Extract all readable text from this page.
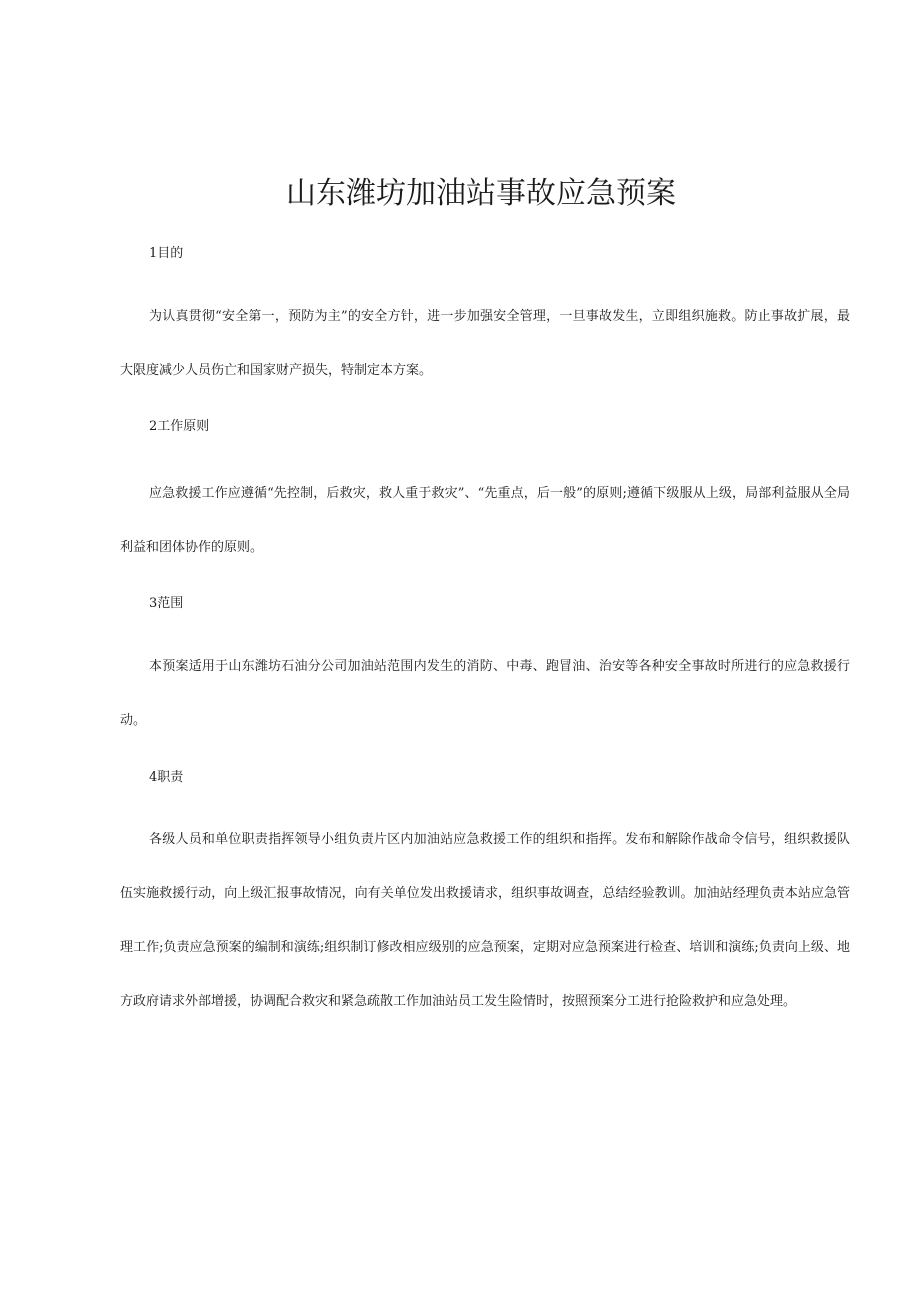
山东潍坊加油站事故应急预案

1目的

为认真贯彻“安全第一，预防为主”的安全方针，进一步加强安全管理，一旦事故发生，立即组织施救。防止事故扩展，最大限度减少人员伤亡和国家财产损失，特制定本方案。

2工作原则

应急救援工作应遵循“先控制，后救灾，救人重于救灾”、“先重点，后一般”的原则;遵循下级服从上级，局部利益服从全局利益和团体协作的原则。

3范围

本预案适用于山东潍坊石油分公司加油站范围内发生的消防、中毒、跑冒油、治安等各种安全事故时所进行的应急救援行动。

4职责

各级人员和单位职责指挥领导小组负责片区内加油站应急救援工作的组织和指挥。发布和解除作战命令信号，组织救援队伍实施救援行动，向上级汇报事故情况，向有关单位发出救援请求，组织事故调查，总结经验教训。加油站经理负责本站应急管理工作;负责应急预案的编制和演练;组织制订修改相应级别的应急预案，定期对应急预案进行检查、培训和演练;负责向上级、地方政府请求外部增援，协调配合救灾和紧急疏散工作加油站员工发生险情时，按照预案分工进行抢险救护和应急处理。
